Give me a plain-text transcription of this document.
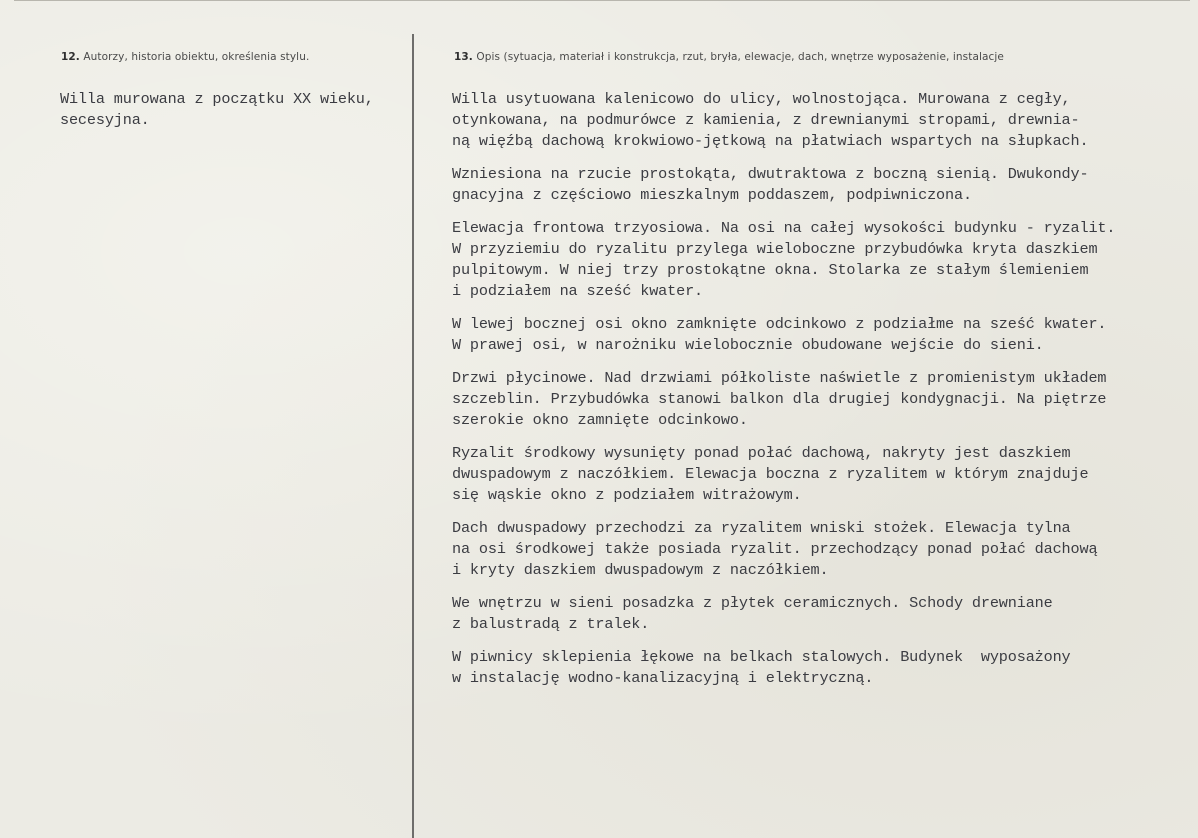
12. Autorzy, historia obiektu, określenia stylu.	13. Opis (sytuacja, materiał i konstrukcja, rzut, bryła, elewacje, dach, wnętrze wyposażenie, instalacje

Willa murowana z początku XX wieku,
secesyjna.

Willa usytuowana kalenicowo do ulicy, wolnostojąca. Murowana z cegły,
otynkowana, na podmurówce z kamienia, z drewnianymi stropami, drewnia-
ną więźbą dachową krokwiowo-jętkową na płatwiach wspartych na słupkach.

Wzniesiona na rzucie prostokąta, dwutraktowa z boczną sienią. Dwukondy-
gnacyjna z częściowo mieszkalnym poddaszem, podpiwniczona.

Elewacja frontowa trzyosiowa. Na osi na całej wysokości budynku - ryzalit.
W przyziemiu do ryzalitu przylega wieloboczne przybudówka kryta daszkiem
pulpitowym. W niej trzy prostokątne okna. Stolarka ze stałym ślemieniem
i podziałem na sześć kwater.

W lewej bocznej osi okno zamknięte odcinkowo z podziałme na sześć kwater.
W prawej osi, w narożniku wielobocznie obudowane wejście do sieni.

Drzwi płycinowe. Nad drzwiami półkoliste naświetle z promienistym układem
szczeblin. Przybudówka stanowi balkon dla drugiej kondygnacji. Na piętrze
szerokie okno zamnięte odcinkowo.

Ryzalit środkowy wysunięty ponad połać dachową, nakryty jest daszkiem
dwuspadowym z naczółkiem. Elewacja boczna z ryzalitem w którym znajduje
się wąskie okno z podziałem witrażowym.

Dach dwuspadowy przechodzi za ryzalitem wniski stożek. Elewacja tylna
na osi środkowej także posiada ryzalit. przechodzący ponad połać dachową
i kryty daszkiem dwuspadowym z naczółkiem.

We wnętrzu w sieni posadzka z płytek ceramicznych. Schody drewniane
z balustradą z tralek.

W piwnicy sklepienia łękowe na belkach stalowych. Budynek  wyposażony
w instalację wodno-kanalizacyjną i elektryczną.
